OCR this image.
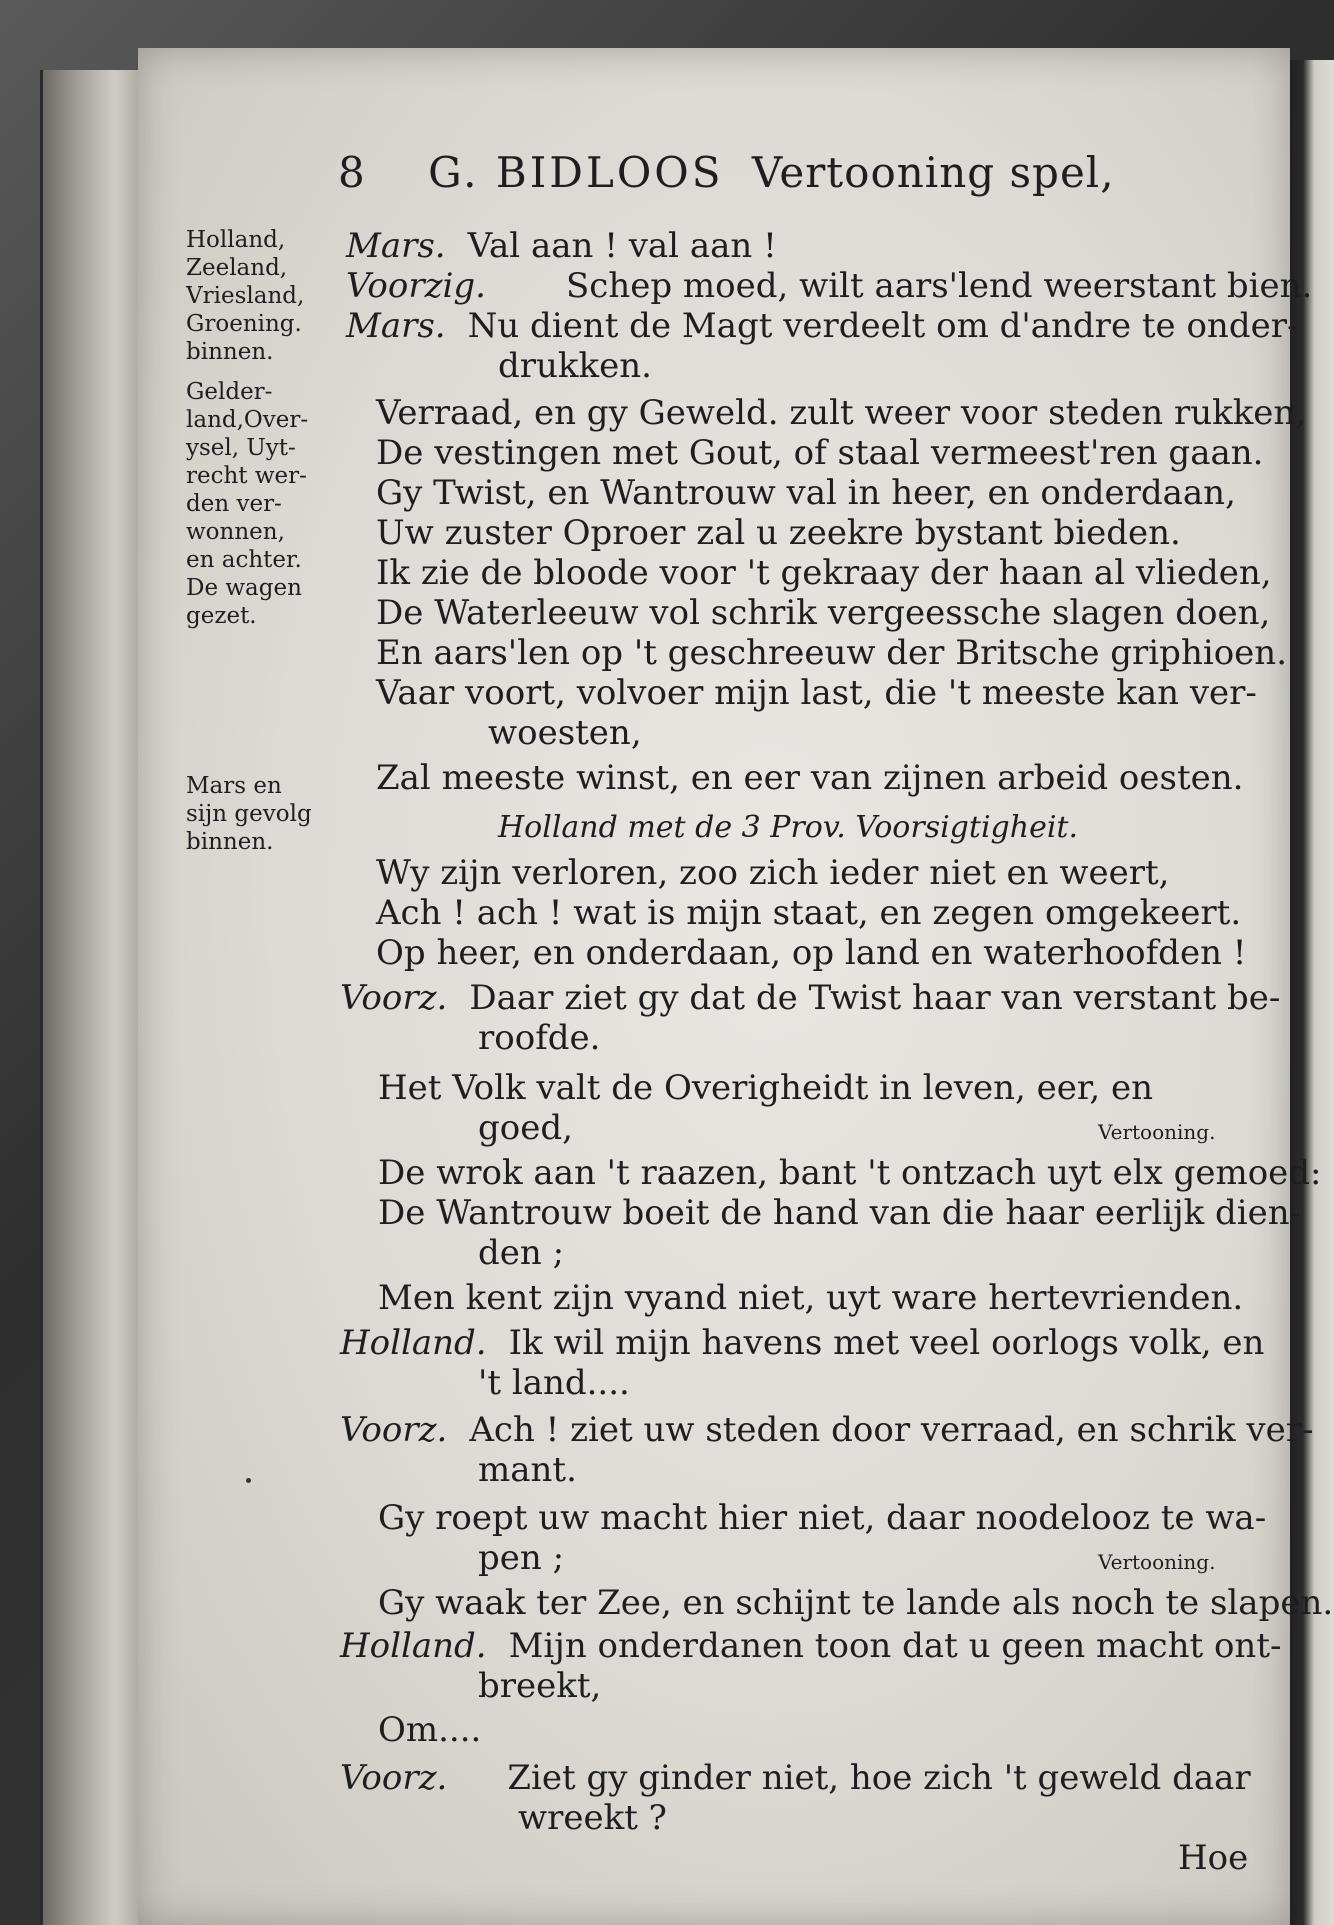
8 G. BIDLOOS Vertooning spel,
Holland,
Zeeland,
Vriesland,
Groening.
binnen.
Gelder-
land,Over-
ysel, Uyt-
recht wer-
den ver-
wonnen,
en achter.
De wagen
gezet.
Mars en
sijn gevolg
binnen.
Mars. Val aan ! val aan !
Voorzig. Schep moed, wilt aars'lend weerstant bien.
Mars. Nu dient de Magt verdeelt om d'andre te onder-
drukken.
Verraad, en gy Geweld. zult weer voor steden rukken,
De vestingen met Gout, of staal vermeest'ren gaan.
Gy Twist, en Wantrouw val in heer, en onderdaan,
Uw zuster Oproer zal u zeekre bystant bieden.
Ik zie de bloode voor 't gekraay der haan al vlieden,
De Waterleeuw vol schrik vergeessche slagen doen,
En aars'len op 't geschreeuw der Britsche griphioen.
Vaar voort, volvoer mijn last, die 't meeste kan ver-
woesten,
Zal meeste winst, en eer van zijnen arbeid oesten.
Holland met de 3 Prov. Voorsigtigheit.
Wy zijn verloren, zoo zich ieder niet en weert,
Ach ! ach ! wat is mijn staat, en zegen omgekeert.
Op heer, en onderdaan, op land en waterhoofden !
Voorz. Daar ziet gy dat de Twist haar van verstant be-
roofde.
Het Volk valt de Overigheidt in leven, eer, en
goed,	Vertooning.
De wrok aan 't raazen, bant 't ontzach uyt elx gemoed:
De Wantrouw boeit de hand van die haar eerlijk dien-
den ;
Men kent zijn vyand niet, uyt ware hertevrienden.
Holland. Ik wil mijn havens met veel oorlogs volk, en
't land....
Voorz. Ach ! ziet uw steden door verraad, en schrik ver-
mant.
Gy roept uw macht hier niet, daar noodelooz te wa-
pen ;	Vertooning.
Gy waak ter Zee, en schijnt te lande als noch te slapen.
Holland. Mijn onderdanen toon dat u geen macht ont-
breekt,
Om....
Voorz. Ziet gy ginder niet, hoe zich 't geweld daar
wreekt ?
Hoe
